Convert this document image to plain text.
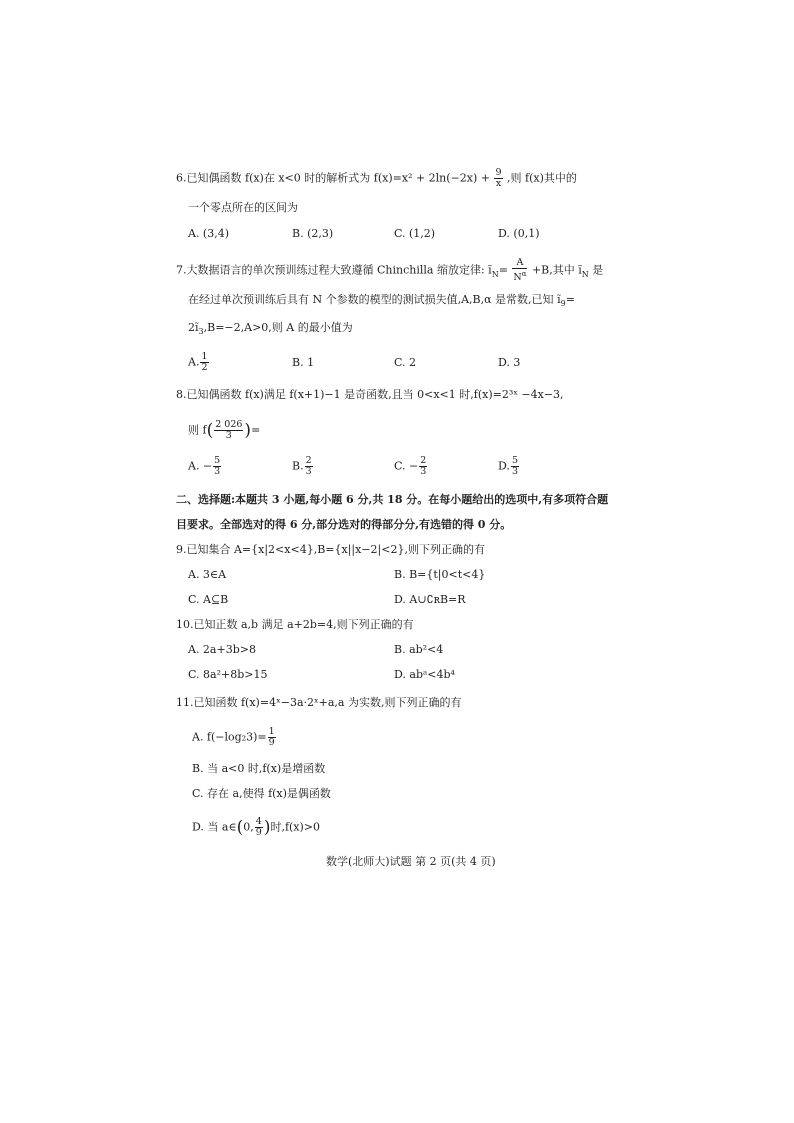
6.已知偶函数 f(x)在 x<0 时的解析式为 $f(x)=x^2 + 2\ln(-2x) + \frac{9}{x}$ ,则 f(x)其中的
一个零点所在的区间为
A. (3,4)	B. (2,3)	C. (1,2)	D. (0,1)
7.大数据语言的单次预训练过程大致遵循 Chinchilla 缩放定律: $ĩ_N= \frac{A}{N^\alpha} +B$,其中 $ĩ_N$ 是
在经过单次预训练后具有 N 个参数的模型的测试损失值,A,B,α 是常数,已知 $ĩ_9=$
$2ĩ_3,B=-2,A>0$,则 A 的最小值为
A. $\frac{1}{2}$	B. 1	C. 2	D. 3
8.已知偶函数 f(x)满足 f(x+1)−1 是奇函数,且当 0<x<1 时,f(x)=2³ˣ −4x−3,
则 $f( \frac{2 026}{3}$ )=
A. − $\frac{5}{3}$	B. $\frac{2}{3}$	C. − $\frac{2}{3}$	D. $\frac{5}{3}$
二、选择题:本题共 3 小题,每小题 6 分,共 18 分。在每小题给出的选项中,有多项符合题
目要求。全部选对的得 6 分,部分选对的得部分分,有选错的得 0 分。
9.已知集合 A={x|2<x<4},B={x||x−2|<2},则下列正确的有
A. 3∈A	B. B={t|0<t<4}
C. A⊆B	D. A∪∁ʀB=R
10.已知正数 a,b 满足 a+2b=4,则下列正确的有
A. 2a+3b>8	B. ab²<4
C. 8a²+8b>15	D. abᵃ<4b⁴
11.已知函数 f(x)=4ˣ−3a·2ˣ+a,a 为实数,则下列正确的有
A. $f(-\log_23)= \frac{1}{9}$
B. 当 a<0 时,f(x)是增函数
C. 存在 a,使得 f(x)是偶函数
D. 当 a∈(0, $\frac{4}{9}$ )时,f(x)>0
数学(北师大)试题 第 2 页(共 4 页)
